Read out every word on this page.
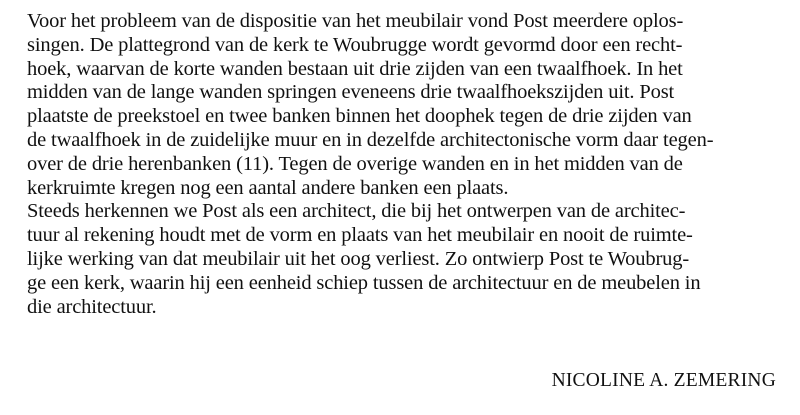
Voor het probleem van de dispositie van het meubilair vond Post meerdere oplos-
singen. De plattegrond van de kerk te Woubrugge wordt gevormd door een recht-
hoek, waarvan de korte wanden bestaan uit drie zijden van een twaalfhoek. In het
midden van de lange wanden springen eveneens drie twaalfhoekszijden uit. Post
plaatste de preekstoel en twee banken binnen het doophek tegen de drie zijden van
de twaalfhoek in de zuidelijke muur en in dezelfde architectonische vorm daar tegen-
over de drie herenbanken (11). Tegen de overige wanden en in het midden van de
kerkruimte kregen nog een aantal andere banken een plaats.
Steeds herkennen we Post als een architect, die bij het ontwerpen van de architec-
tuur al rekening houdt met de vorm en plaats van het meubilair en nooit de ruimte-
lijke werking van dat meubilair uit het oog verliest. Zo ontwierp Post te Woubrug-
ge een kerk, waarin hij een eenheid schiep tussen de architectuur en de meubelen in
die architectuur.
NICOLINE A. ZEMERING
